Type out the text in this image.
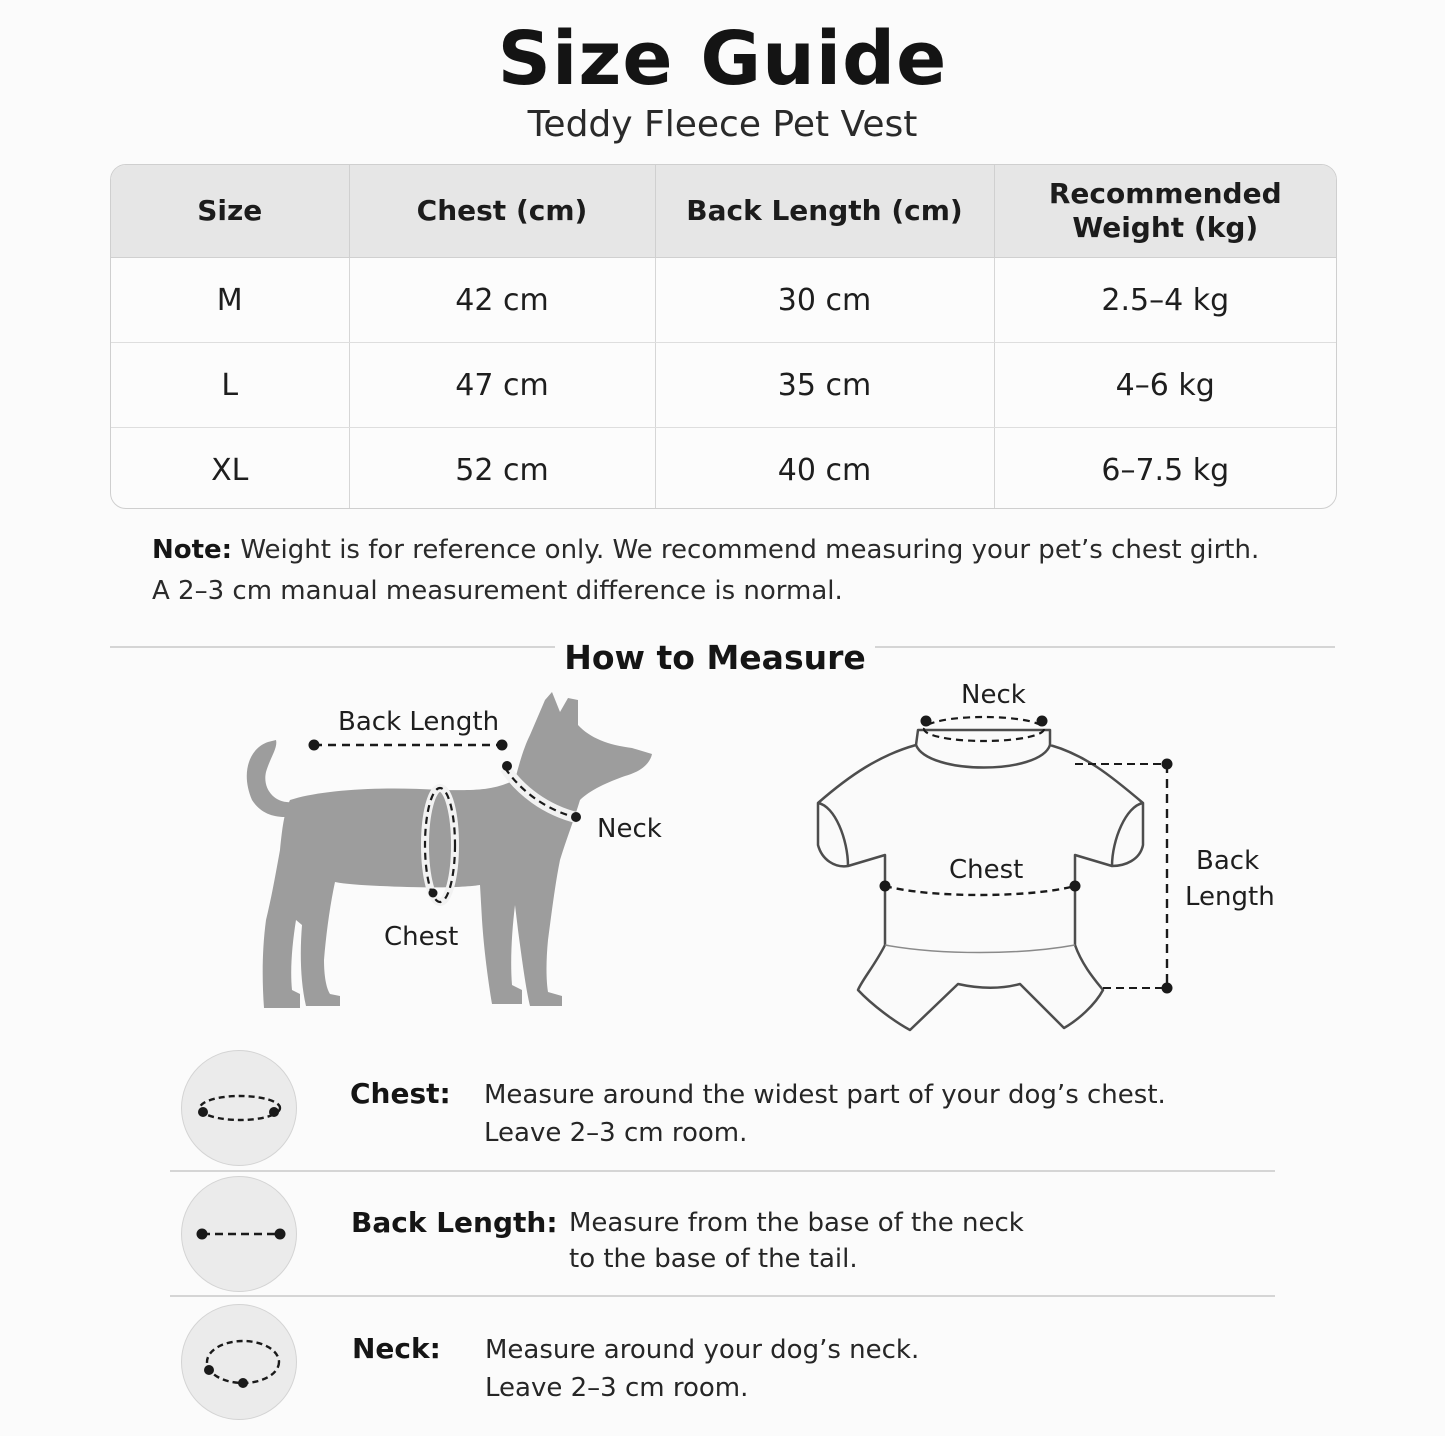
Size Guide
Teddy Fleece Pet Vest
Size	Chest (cm)	Back Length (cm)	Recommended
Weight (kg)
M	42 cm	30 cm	2.5–4 kg
L	47 cm	35 cm	4–6 kg
XL	52 cm	40 cm	6–7.5 kg
Note: Weight is for reference only. We recommend measuring your pet’s chest girth.
A 2–3 cm manual measurement difference is normal.
How to Measure
Back Length
Neck
Chest
Neck
Chest	Back
Length
Chest: Measure around the widest part of your dog’s chest.
Leave 2–3 cm room.
Back Length: Measure from the base of the neck
to the base of the tail.
Neck: Measure around your dog’s neck.
Leave 2–3 cm room.
